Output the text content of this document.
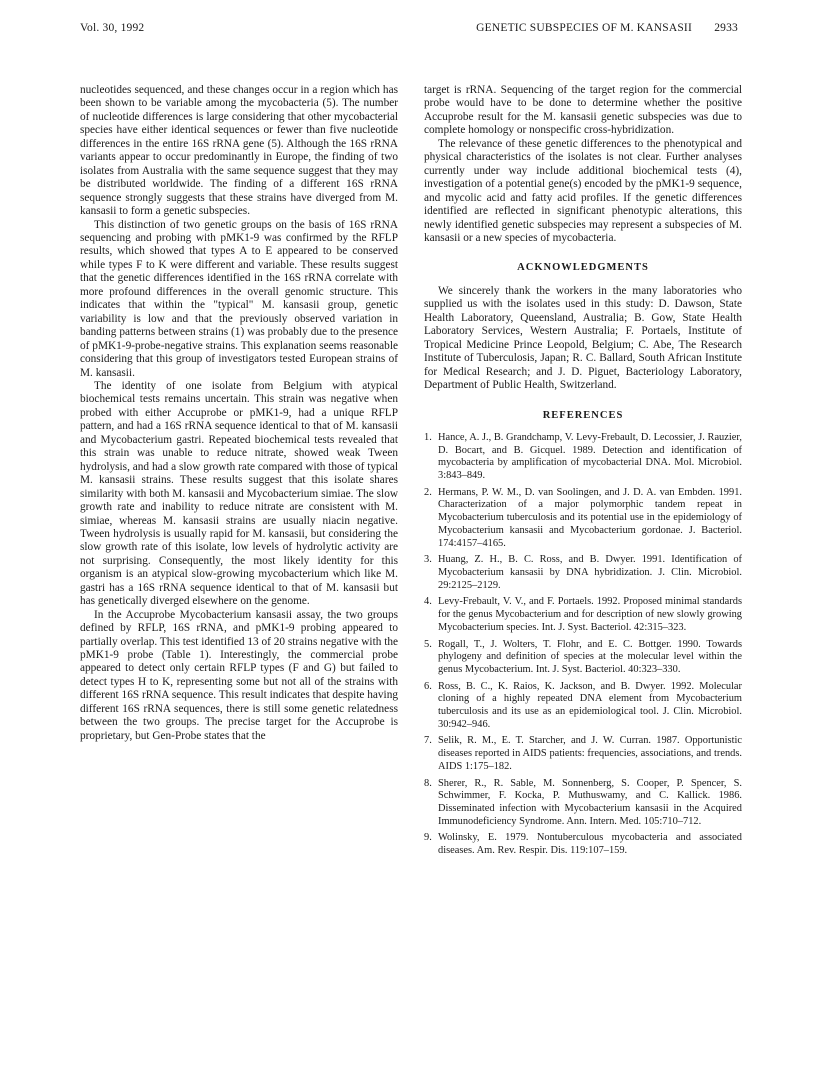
Vol. 30, 1992	GENETIC SUBSPECIES OF M. KANSASII 2933

nucleotides sequenced, and these changes occur in a region which has been shown to be variable among the mycobacteria (5). The number of nucleotide differences is large considering that other mycobacterial species have either identical sequences or fewer than five nucleotide differences in the entire 16S rRNA gene (5). Although the 16S rRNA variants appear to occur predominantly in Europe, the finding of two isolates from Australia with the same sequence suggest that they may be distributed worldwide. The finding of a different 16S rRNA sequence strongly suggests that these strains have diverged from M. kansasii to form a genetic subspecies.

This distinction of two genetic groups on the basis of 16S rRNA sequencing and probing with pMK1-9 was confirmed by the RFLP results, which showed that types A to E appeared to be conserved while types F to K were different and variable. These results suggest that the genetic differences identified in the 16S rRNA correlate with more profound differences in the overall genomic structure. This indicates that within the "typical" M. kansasii group, genetic variability is low and that the previously observed variation in banding patterns between strains (1) was probably due to the presence of pMK1-9-probe-negative strains. This explanation seems reasonable considering that this group of investigators tested European strains of M. kansasii.

The identity of one isolate from Belgium with atypical biochemical tests remains uncertain. This strain was negative when probed with either Accuprobe or pMK1-9, had a unique RFLP pattern, and had a 16S rRNA sequence identical to that of M. kansasii and Mycobacterium gastri. Repeated biochemical tests revealed that this strain was unable to reduce nitrate, showed weak Tween hydrolysis, and had a slow growth rate compared with those of typical M. kansasii strains. These results suggest that this isolate shares similarity with both M. kansasii and Mycobacterium simiae. The slow growth rate and inability to reduce nitrate are consistent with M. simiae, whereas M. kansasii strains are usually niacin negative. Tween hydrolysis is usually rapid for M. kansasii, but considering the slow growth rate of this isolate, low levels of hydrolytic activity are not surprising. Consequently, the most likely identity for this organism is an atypical slow-growing mycobacterium which like M. gastri has a 16S rRNA sequence identical to that of M. kansasii but has genetically diverged elsewhere on the genome.

In the Accuprobe Mycobacterium kansasii assay, the two groups defined by RFLP, 16S rRNA, and pMK1-9 probing appeared to partially overlap. This test identified 13 of 20 strains negative with the pMK1-9 probe (Table 1). Interestingly, the commercial probe appeared to detect only certain RFLP types (F and G) but failed to detect types H to K, representing some but not all of the strains with different 16S rRNA sequence. This result indicates that despite having different 16S rRNA sequences, there is still some genetic relatedness between the two groups. The precise target for the Accuprobe is proprietary, but Gen-Probe states that the

target is rRNA. Sequencing of the target region for the commercial probe would have to be done to determine whether the positive Accuprobe result for the M. kansasii genetic subspecies was due to complete homology or nonspecific cross-hybridization.

The relevance of these genetic differences to the phenotypical and physical characteristics of the isolates is not clear. Further analyses currently under way include additional biochemical tests (4), investigation of a potential gene(s) encoded by the pMK1-9 sequence, and mycolic acid and fatty acid profiles. If the genetic differences identified are reflected in significant phenotypic alterations, this newly identified genetic subspecies may represent a subspecies of M. kansasii or a new species of mycobacteria.

ACKNOWLEDGMENTS

We sincerely thank the workers in the many laboratories who supplied us with the isolates used in this study: D. Dawson, State Health Laboratory, Queensland, Australia; B. Gow, State Health Laboratory Services, Western Australia; F. Portaels, Institute of Tropical Medicine Prince Leopold, Belgium; C. Abe, The Research Institute of Tuberculosis, Japan; R. C. Ballard, South African Institute for Medical Research; and J. D. Piguet, Bacteriology Laboratory, Department of Public Health, Switzerland.

REFERENCES
1. Hance, A. J., B. Grandchamp, V. Levy-Frebault, D. Lecossier, J. Rauzier, D. Bocart, and B. Gicquel. 1989. Detection and identification of mycobacteria by amplification of mycobacterial DNA. Mol. Microbiol. 3:843–849.
2. Hermans, P. W. M., D. van Soolingen, and J. D. A. van Embden. 1991. Characterization of a major polymorphic tandem repeat in Mycobacterium tuberculosis and its potential use in the epidemiology of Mycobacterium kansasii and Mycobacterium gordonae. J. Bacteriol. 174:4157–4165.
3. Huang, Z. H., B. C. Ross, and B. Dwyer. 1991. Identification of Mycobacterium kansasii by DNA hybridization. J. Clin. Microbiol. 29:2125–2129.
4. Levy-Frebault, V. V., and F. Portaels. 1992. Proposed minimal standards for the genus Mycobacterium and for description of new slowly growing Mycobacterium species. Int. J. Syst. Bacteriol. 42:315–323.
5. Rogall, T., J. Wolters, T. Flohr, and E. C. Bottger. 1990. Towards phylogeny and definition of species at the molecular level within the genus Mycobacterium. Int. J. Syst. Bacteriol. 40:323–330.
6. Ross, B. C., K. Raios, K. Jackson, and B. Dwyer. 1992. Molecular cloning of a highly repeated DNA element from Mycobacterium tuberculosis and its use as an epidemiological tool. J. Clin. Microbiol. 30:942–946.
7. Selik, R. M., E. T. Starcher, and J. W. Curran. 1987. Opportunistic diseases reported in AIDS patients: frequencies, associations, and trends. AIDS 1:175–182.
8. Sherer, R., R. Sable, M. Sonnenberg, S. Cooper, P. Spencer, S. Schwimmer, F. Kocka, P. Muthuswamy, and C. Kallick. 1986. Disseminated infection with Mycobacterium kansasii in the Acquired Immunodeficiency Syndrome. Ann. Intern. Med. 105:710–712.
9. Wolinsky, E. 1979. Nontuberculous mycobacteria and associated diseases. Am. Rev. Respir. Dis. 119:107–159.
